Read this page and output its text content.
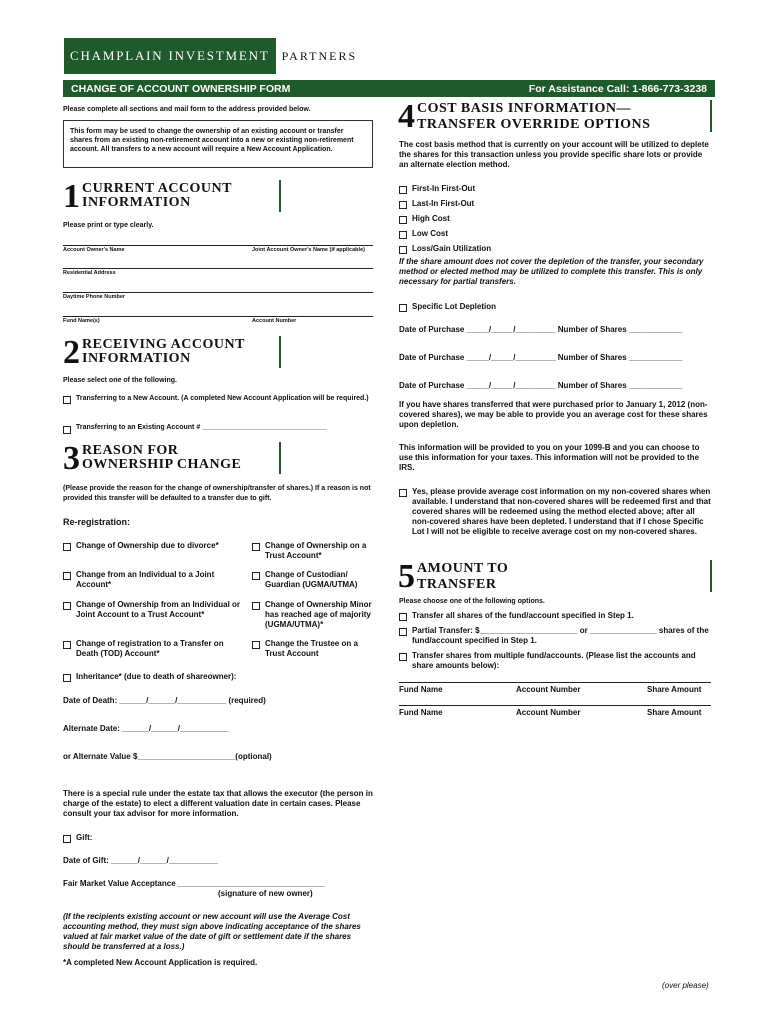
CHAMPLAIN INVESTMENT	PARTNERS
CHANGE OF ACCOUNT OWNERSHIP FORM	For Assistance Call: 1-866-773-3238
Please complete all sections and mail form to the address provided below.
This form may be used to change the ownership of an existing account or transfer shares from an existing non-retirement account into a new or existing non-retirement account. All transfers to a new account will require a New Account Application.
1 CURRENT ACCOUNT INFORMATION
Please print or type clearly.
Account Owner's Name	Joint Account Owner's Name (if applicable)
Residential Address
Daytime Phone Number
Fund Name(s)	Account Number
2 RECEIVING ACCOUNT INFORMATION
Please select one of the following.
Transferring to a New Account. (A completed New Account Application will be required.)
Transferring to an Existing Account # ________________________________
3 REASON FOR OWNERSHIP CHANGE
(Please provide the reason for the change of ownership/transfer of shares.) If a reason is not provided this transfer will be defaulted to a transfer due to gift.
Re-registration:
Change of Ownership due to divorce*	Change of Ownership on a Trust Account*
Change from an Individual to a Joint Account*
Change of Custodian/ Guardian (UGMA/UTMA)
Change of Ownership from an Individual or Joint Account to a Trust Account*
Change of Ownership Minor has reached age of majority (UGMA/UTMA)*
Change of registration to a Transfer on Death (TOD) Account*
Change the Trustee on a Trust Account
Inheritance* (due to death of shareowner):
Date of Death: ______/______/___________ (required)
Alternate Date: ______/______/___________
or Alternate Value $______________________(optional)
There is a special rule under the estate tax that allows the executor (the person in charge of the estate) to elect a different valuation date in certain cases. Please consult your tax advisor for more information.
Gift:
Date of Gift: ______/______/___________
Fair Market Value Acceptance _________________________________
(signature of new owner)
(If the recipients existing account or new account will use the Average Cost accounting method, they must sign above indicating acceptance of the shares valued at fair market value of the date of gift or settlement date if the shares should be transferred at a loss.)
*A completed New Account Application is required.
4 COST BASIS INFORMATION—
TRANSFER OVERRIDE OPTIONS
The cost basis method that is currently on your account will be utilized to deplete the shares for this transaction unless you provide specific share lots or provide an alternate election method.
First-In First-Out
Last-In First-Out
High Cost
Low Cost
Loss/Gain Utilization
If the share amount does not cover the depletion of the transfer, your secondary method or elected method may be utilized to complete this transfer. This is only necessary for partial transfers.
Specific Lot Depletion
Date of Purchase _____/_____/_________ Number of Shares ____________
Date of Purchase _____/_____/_________ Number of Shares ____________
Date of Purchase _____/_____/_________ Number of Shares ____________
If you have shares transferred that were purchased prior to January 1, 2012 (non-covered shares), we may be able to provide you an average cost for these shares upon depletion.
This information will be provided to you on your 1099-B and you can choose to use this information for your taxes. This information will not be provided to the IRS.
Yes, please provide average cost information on my non-covered shares when available. I understand that non-covered shares will be redeemed first and that covered shares will be redeemed using the method elected above; after all non-covered shares have been depleted. I understand that if I chose Specific Lot I will not be eligible to receive average cost on my non-covered shares.
5 AMOUNT TO
TRANSFER
Please choose one of the following options.
Transfer all shares of the fund/account specified in Step 1.
Partial Transfer: $______________________ or _______________ shares of the fund/account specified in Step 1.
Transfer shares from multiple fund/accounts. (Please list the accounts and share amounts below):
Fund Name	Account Number	Share Amount
Fund Name	Account Number	Share Amount
(over please)
